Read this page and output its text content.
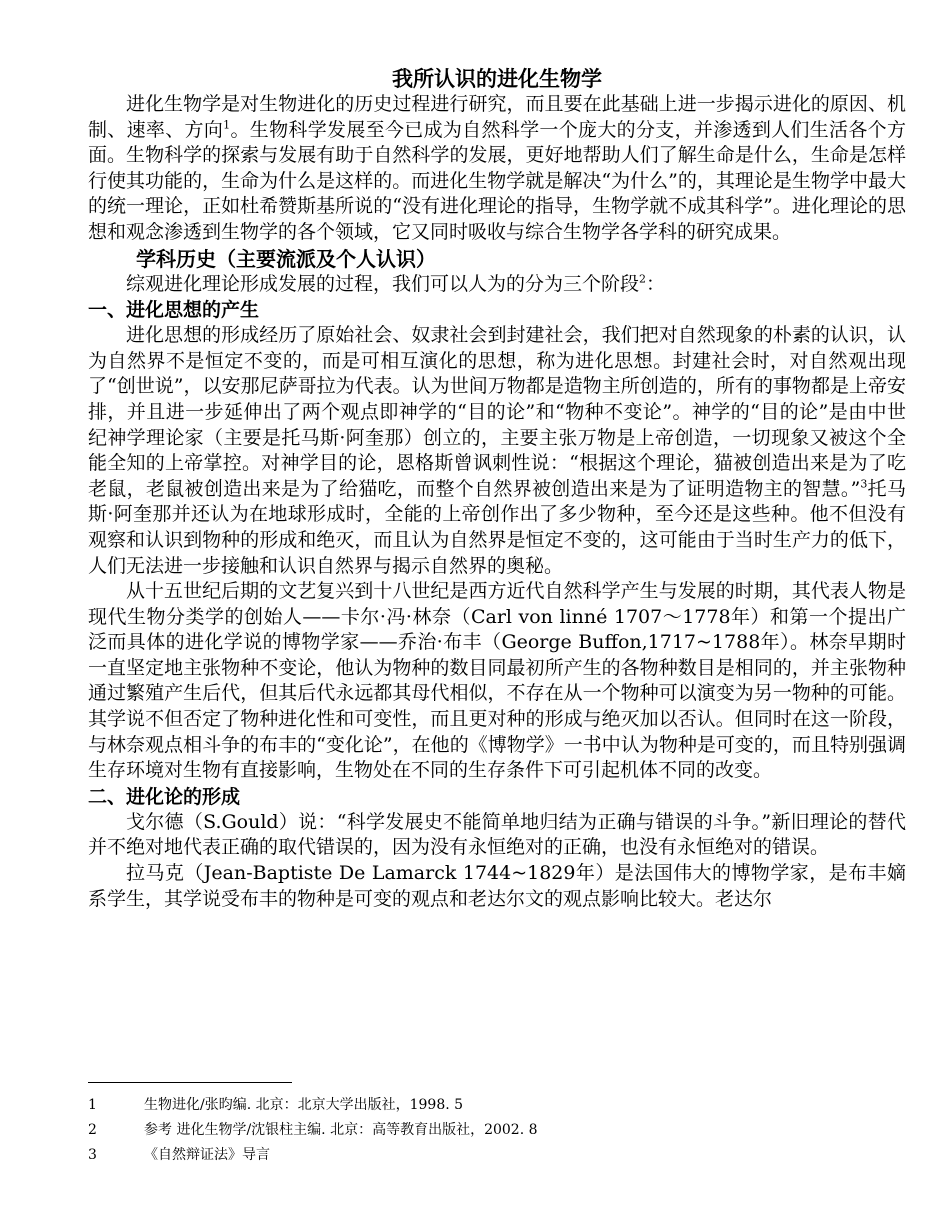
我所认识的进化生物学

进化生物学是对生物进化的历史过程进行研究，而且要在此基础上进一步揭示进化的原因、机制、速率、方向$^1$。生物科学发展至今已成为自然科学一个庞大的分支，并渗透到人们生活各个方面。生物科学的探索与发展有助于自然科学的发展，更好地帮助人们了解生命是什么，生命是怎样行使其功能的，生命为什么是这样的。而进化生物学就是解决“为什么”的，其理论是生物学中最大的统一理论，正如杜希赞斯基所说的“没有进化理论的指导，生物学就不成其科学”。进化理论的思想和观念渗透到生物学的各个领域，它又同时吸收与综合生物学各学科的研究成果。

学科历史（主要流派及个人认识）

综观进化理论形成发展的过程，我们可以人为的分为三个阶段$^2$：

一、进化思想的产生

进化思想的形成经历了原始社会、奴隶社会到封建社会，我们把对自然现象的朴素的认识，认为自然界不是恒定不变的，而是可相互演化的思想，称为进化思想。封建社会时，对自然观出现了“创世说”，以安那尼萨哥拉为代表。认为世间万物都是造物主所创造的，所有的事物都是上帝安排，并且进一步延伸出了两个观点即神学的“目的论”和“物种不变论”。神学的“目的论”是由中世纪神学理论家（主要是托马斯·阿奎那）创立的，主要主张万物是上帝创造，一切现象又被这个全能全知的上帝掌控。对神学目的论，恩格斯曾讽刺性说：“根据这个理论，猫被创造出来是为了吃老鼠，老鼠被创造出来是为了给猫吃，而整个自然界被创造出来是为了证明造物主的智慧。”$^3$托马斯·阿奎那并还认为在地球形成时，全能的上帝创作出了多少物种，至今还是这些种。他不但没有观察和认识到物种的形成和绝灭，而且认为自然界是恒定不变的，这可能由于当时生产力的低下，人们无法进一步接触和认识自然界与揭示自然界的奥秘。

从十五世纪后期的文艺复兴到十八世纪是西方近代自然科学产生与发展的时期，其代表人物是现代生物分类学的创始人——卡尔·冯·林奈（Carl von linné 1707～1778年）和第一个提出广泛而具体的进化学说的博物学家——乔治·布丰（George Buffon,1717~1788年）。林奈早期时一直坚定地主张物种不变论，他认为物种的数目同最初所产生的各物种数目是相同的，并主张物种通过繁殖产生后代，但其后代永远都其母代相似，不存在从一个物种可以演变为另一物种的可能。其学说不但否定了物种进化性和可变性，而且更对种的形成与绝灭加以否认。但同时在这一阶段，与林奈观点相斗争的布丰的“变化论”，在他的《博物学》一书中认为物种是可变的，而且特别强调生存环境对生物有直接影响，生物处在不同的生存条件下可引起机体不同的改变。

二、进化论的形成

戈尔德（S.Gould）说：“科学发展史不能简单地归结为正确与错误的斗争。”新旧理论的替代并不绝对地代表正确的取代错误的，因为没有永恒绝对的正确，也没有永恒绝对的错误。

拉马克（Jean-Baptiste De Lamarck 1744~1829年）是法国伟大的博物学家，是布丰嫡系学生，其学说受布丰的物种是可变的观点和老达尔文的观点影响比较大。老达尔

1	生物进化/张昀编. 北京：北京大学出版社，1998. 5

2	参考 进化生物学/沈银柱主编. 北京：高等教育出版社，2002. 8

3	《自然辩证法》导言
